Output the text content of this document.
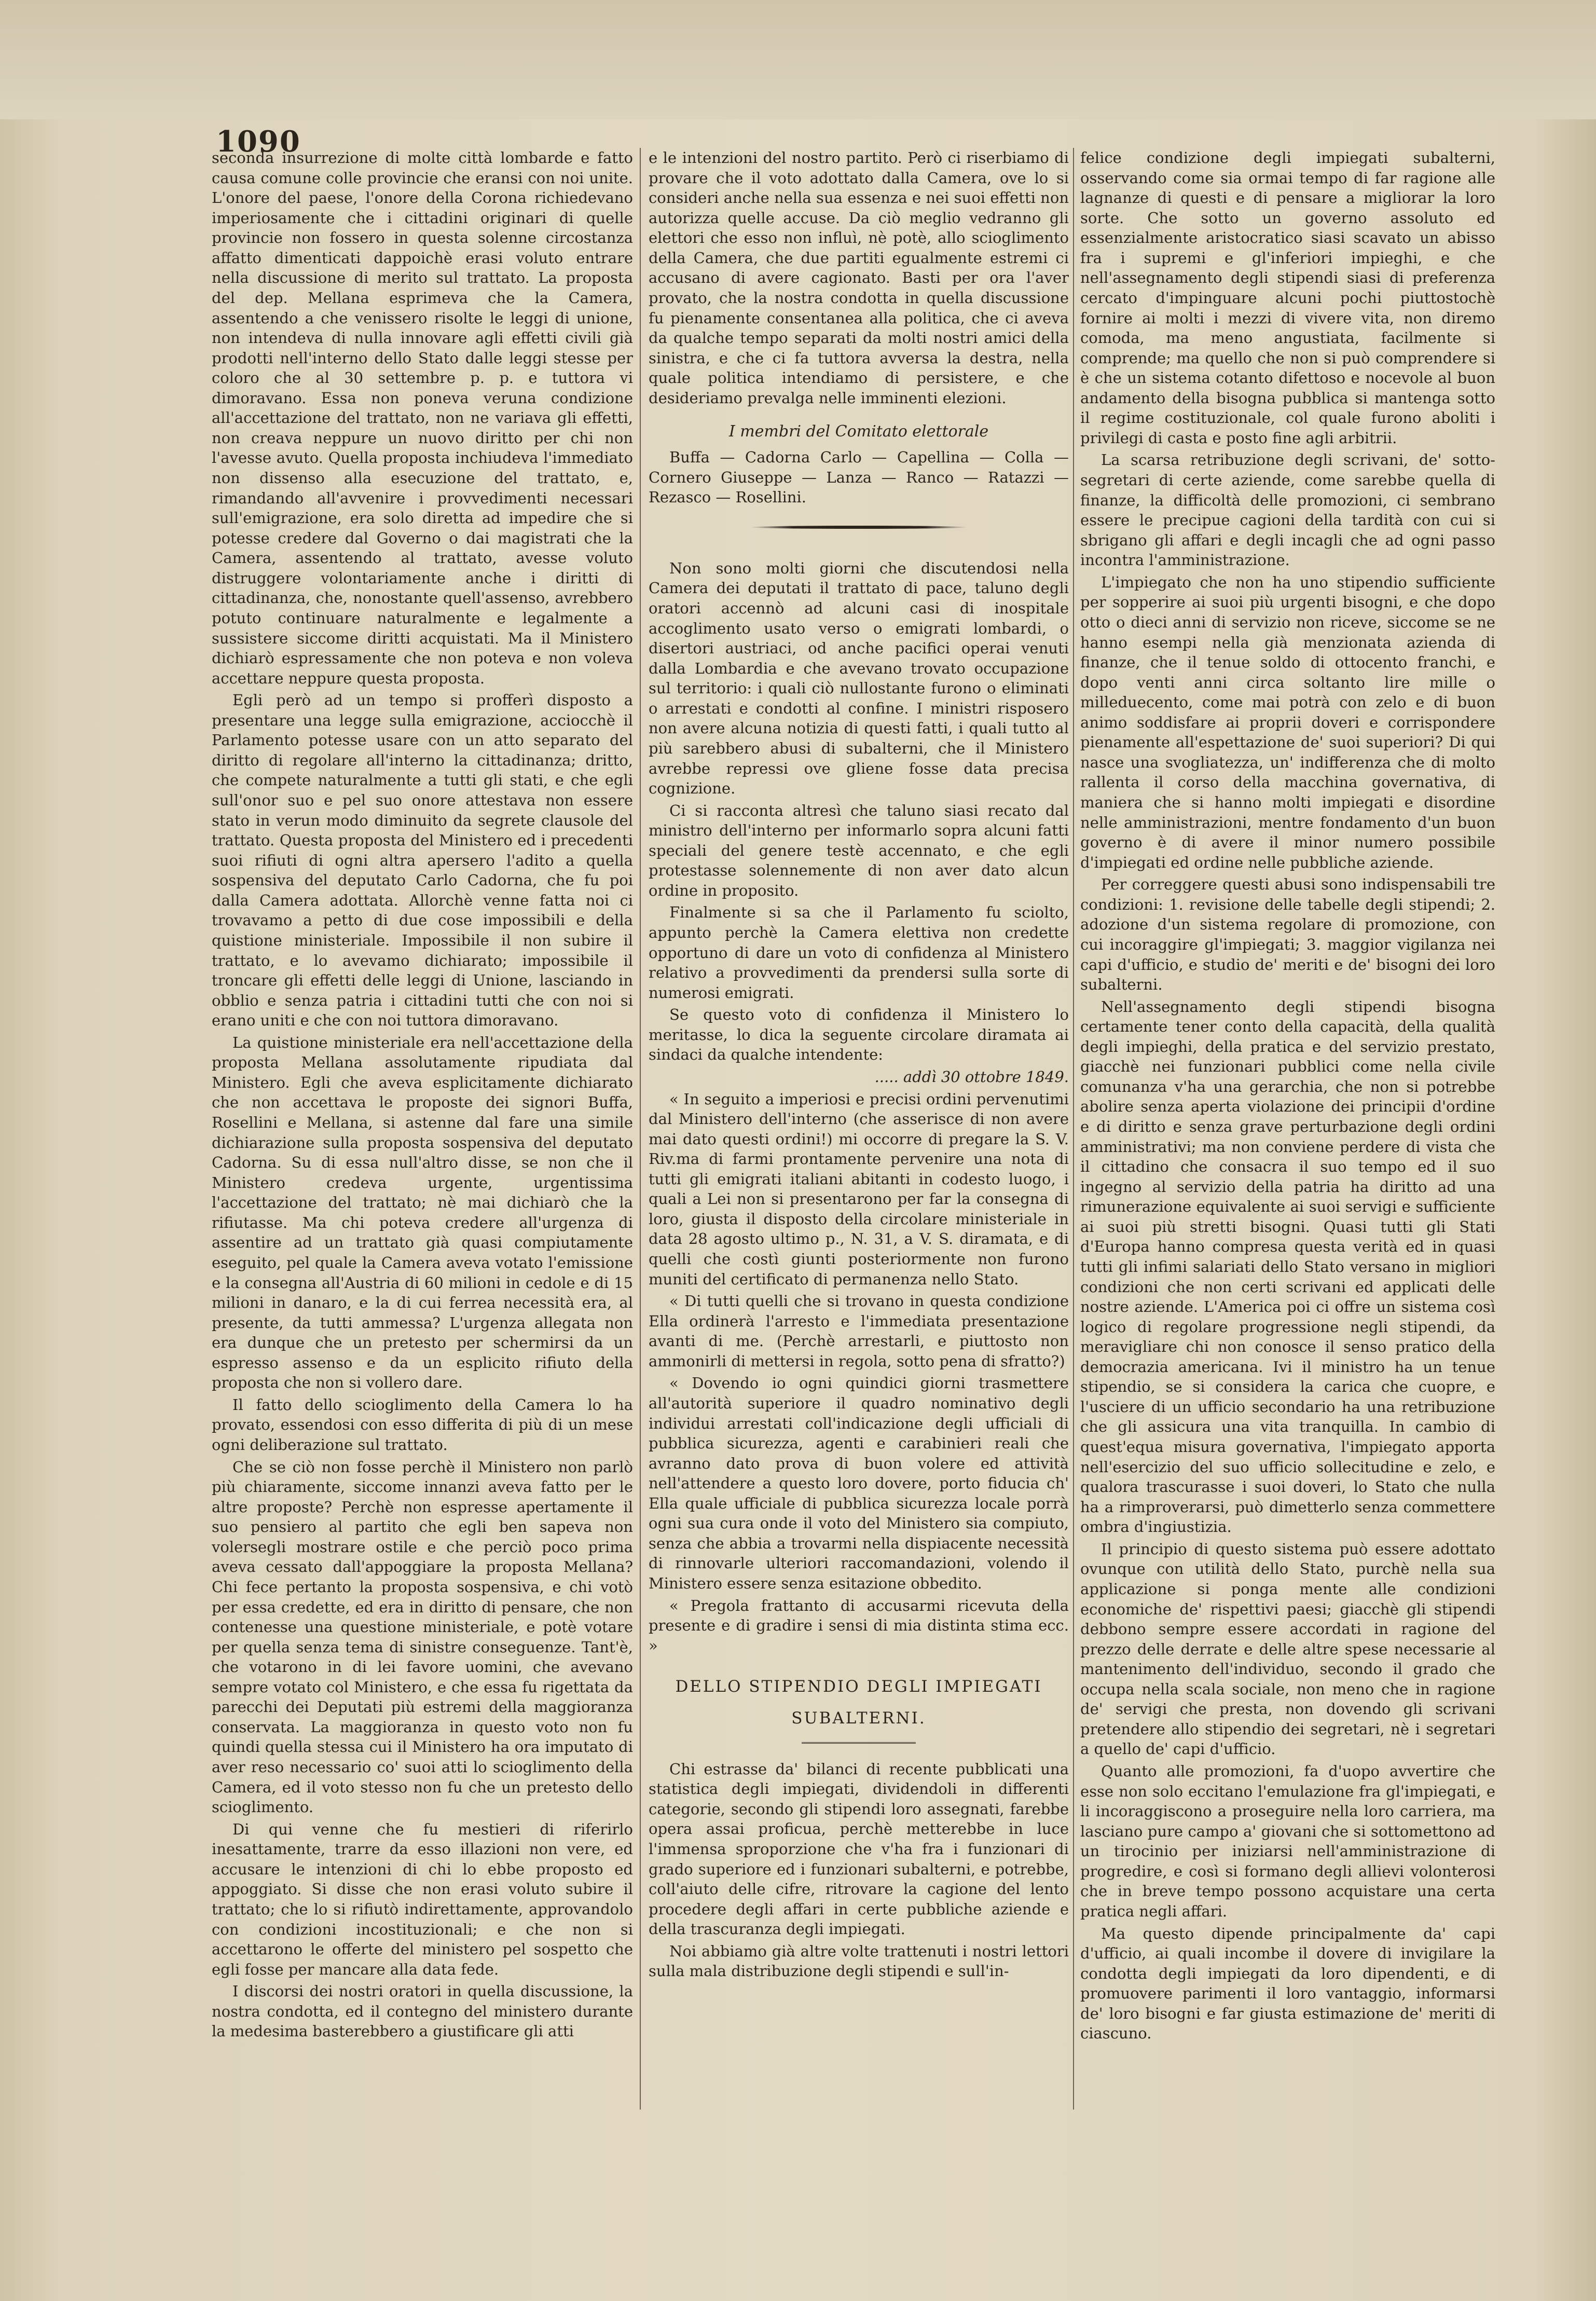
1090

seconda insurrezione di molte città lombarde e fatto causa comune colle provincie che eransi con noi unite. L'onore del paese, l'onore della Corona richiedevano imperiosamente che i cittadini originari di quelle provincie non fossero in questa solenne circostanza affatto dimenticati dappoichè erasi voluto entrare nella discussione di merito sul trattato. La proposta del dep. Mellana esprimeva che la Camera, assentendo a che venissero risolte le leggi di unione, non intendeva di nulla innovare agli effetti civili già prodotti nell'interno dello Stato dalle leggi stesse per coloro che al 30 settembre p. p. e tuttora vi dimoravano. Essa non poneva veruna condizione all'accettazione del trattato, non ne variava gli effetti, non creava neppure un nuovo diritto per chi non l'avesse avuto. Quella proposta inchiudeva l'immediato non dissenso alla esecuzione del trattato, e, rimandando all'avvenire i provvedimenti necessari sull'emigrazione, era solo diretta ad impedire che si potesse credere dal Governo o dai magistrati che la Camera, assentendo al trattato, avesse voluto distruggere volontariamente anche i diritti di cittadinanza, che, nonostante quell'assenso, avrebbero potuto continuare naturalmente e legalmente a sussistere siccome diritti acquistati. Ma il Ministero dichiarò espressamente che non poteva e non voleva accettare neppure questa proposta.

Egli però ad un tempo si profferì disposto a presentare una legge sulla emigrazione, acciocchè il Parlamento potesse usare con un atto separato del diritto di regolare all'interno la cittadinanza; dritto, che compete naturalmente a tutti gli stati, e che egli sull'onor suo e pel suo onore attestava non essere stato in verun modo diminuito da segrete clausole del trattato. Questa proposta del Ministero ed i precedenti suoi rifiuti di ogni altra apersero l'adito a quella sospensiva del deputato Carlo Cadorna, che fu poi dalla Camera adottata. Allorchè venne fatta noi ci trovavamo a petto di due cose impossibili e della quistione ministeriale. Impossibile il non subire il trattato, e lo avevamo dichiarato; impossibile il troncare gli effetti delle leggi di Unione, lasciando in obblio e senza patria i cittadini tutti che con noi si erano uniti e che con noi tuttora dimoravano.

La quistione ministeriale era nell'accettazione della proposta Mellana assolutamente ripudiata dal Ministero. Egli che aveva esplicitamente dichiarato che non accettava le proposte dei signori Buffa, Rosellini e Mellana, si astenne dal fare una simile dichiarazione sulla proposta sospensiva del deputato Cadorna. Su di essa null'altro disse, se non che il Ministero credeva urgente, urgentissima l'accettazione del trattato; nè mai dichiarò che la rifiutasse. Ma chi poteva credere all'urgenza di assentire ad un trattato già quasi compiutamente eseguito, pel quale la Camera aveva votato l'emissione e la consegna all'Austria di 60 milioni in cedole e di 15 milioni in danaro, e la di cui ferrea necessità era, al presente, da tutti ammessa? L'urgenza allegata non era dunque che un pretesto per schermirsi da un espresso assenso e da un esplicito rifiuto della proposta che non si vollero dare.

Il fatto dello scioglimento della Camera lo ha provato, essendosi con esso differita di più di un mese ogni deliberazione sul trattato.

Che se ciò non fosse perchè il Ministero non parlò più chiaramente, siccome innanzi aveva fatto per le altre proposte? Perchè non espresse apertamente il suo pensiero al partito che egli ben sapeva non volersegli mostrare ostile e che perciò poco prima aveva cessato dall'appoggiare la proposta Mellana? Chi fece pertanto la proposta sospensiva, e chi votò per essa credette, ed era in diritto di pensare, che non contenesse una questione ministeriale, e potè votare per quella senza tema di sinistre conseguenze. Tant'è, che votarono in di lei favore uomini, che avevano sempre votato col Ministero, e che essa fu rigettata da parecchi dei Deputati più estremi della maggioranza conservata. La maggioranza in questo voto non fu quindi quella stessa cui il Ministero ha ora imputato di aver reso necessario co' suoi atti lo scioglimento della Camera, ed il voto stesso non fu che un pretesto dello scioglimento.

Di qui venne che fu mestieri di riferirlo inesattamente, trarre da esso illazioni non vere, ed accusare le intenzioni di chi lo ebbe proposto ed appoggiato. Si disse che non erasi voluto subire il trattato; che lo si rifiutò indirettamente, approvandolo con condizioni incostituzionali; e che non si accettarono le offerte del ministero pel sospetto che egli fosse per mancare alla data fede.

I discorsi dei nostri oratori in quella discussione, la nostra condotta, ed il contegno del ministero durante la medesima basterebbero a giustificare gli atti

e le intenzioni del nostro partito. Però ci riserbiamo di provare che il voto adottato dalla Camera, ove lo si consideri anche nella sua essenza e nei suoi effetti non autorizza quelle accuse. Da ciò meglio vedranno gli elettori che esso non influì, nè potè, allo scioglimento della Camera, che due partiti egualmente estremi ci accusano di avere cagionato. Basti per ora l'aver provato, che la nostra condotta in quella discussione fu pienamente consentanea alla politica, che ci aveva da qualche tempo separati da molti nostri amici della sinistra, e che ci fa tuttora avversa la destra, nella quale politica intendiamo di persistere, e che desideriamo prevalga nelle imminenti elezioni.

I membri del Comitato elettorale

Buffa — Cadorna Carlo — Capellina — Colla — Cornero Giuseppe — Lanza — Ranco — Ratazzi — Rezasco — Rosellini.

Non sono molti giorni che discutendosi nella Camera dei deputati il trattato di pace, taluno degli oratori accennò ad alcuni casi di inospitale accoglimento usato verso o emigrati lombardi, o disertori austriaci, od anche pacifici operai venuti dalla Lombardia e che avevano trovato occupazione sul territorio: i quali ciò nullostante furono o eliminati o arrestati e condotti al confine. I ministri risposero non avere alcuna notizia di questi fatti, i quali tutto al più sarebbero abusi di subalterni, che il Ministero avrebbe repressi ove gliene fosse data precisa cognizione.

Ci si racconta altresì che taluno siasi recato dal ministro dell'interno per informarlo sopra alcuni fatti speciali del genere testè accennato, e che egli protestasse solennemente di non aver dato alcun ordine in proposito.

Finalmente si sa che il Parlamento fu sciolto, appunto perchè la Camera elettiva non credette opportuno di dare un voto di confidenza al Ministero relativo a provvedimenti da prendersi sulla sorte di numerosi emigrati.

Se questo voto di confidenza il Ministero lo meritasse, lo dica la seguente circolare diramata ai sindaci da qualche intendente:

..... addì 30 ottobre 1849.

« In seguito a imperiosi e precisi ordini pervenutimi dal Ministero dell'interno (che asserisce di non avere mai dato questi ordini!) mi occorre di pregare la S. V. Riv.ma di farmi prontamente pervenire una nota di tutti gli emigrati italiani abitanti in codesto luogo, i quali a Lei non si presentarono per far la consegna di loro, giusta il disposto della circolare ministeriale in data 28 agosto ultimo p., N. 31, a V. S. diramata, e di quelli che costì giunti posteriormente non furono muniti del certificato di permanenza nello Stato.

« Di tutti quelli che si trovano in questa condizione Ella ordinerà l'arresto e l'immediata presentazione avanti di me. (Perchè arrestarli, e piuttosto non ammonirli di mettersi in regola, sotto pena di sfratto?)

« Dovendo io ogni quindici giorni trasmettere all'autorità superiore il quadro nominativo degli individui arrestati coll'indicazione degli ufficiali di pubblica sicurezza, agenti e carabinieri reali che avranno dato prova di buon volere ed attività nell'attendere a questo loro dovere, porto fiducia ch' Ella quale ufficiale di pubblica sicurezza locale porrà ogni sua cura onde il voto del Ministero sia compiuto, senza che abbia a trovarmi nella dispiacente necessità di rinnovarle ulteriori raccomandazioni, volendo il Ministero essere senza esitazione obbedito.

« Pregola frattanto di accusarmi ricevuta della presente e di gradire i sensi di mia distinta stima ecc. »

DELLO STIPENDIO DEGLI IMPIEGATI
SUBALTERNI.

Chi estrasse da' bilanci di recente pubblicati una statistica degli impiegati, dividendoli in differenti categorie, secondo gli stipendi loro assegnati, farebbe opera assai proficua, perchè metterebbe in luce l'immensa sproporzione che v'ha fra i funzionari di grado superiore ed i funzionari subalterni, e potrebbe, coll'aiuto delle cifre, ritrovare la cagione del lento procedere degli affari in certe pubbliche aziende e della trascuranza degli impiegati.

Noi abbiamo già altre volte trattenuti i nostri lettori sulla mala distribuzione degli stipendi e sull'in-

felice condizione degli impiegati subalterni, osservando come sia ormai tempo di far ragione alle lagnanze di questi e di pensare a migliorar la loro sorte. Che sotto un governo assoluto ed essenzialmente aristocratico siasi scavato un abisso fra i supremi e gl'inferiori impieghi, e che nell'assegnamento degli stipendi siasi di preferenza cercato d'impinguare alcuni pochi piuttostochè fornire ai molti i mezzi di vivere vita, non diremo comoda, ma meno angustiata, facilmente si comprende; ma quello che non si può comprendere si è che un sistema cotanto difettoso e nocevole al buon andamento della bisogna pubblica si mantenga sotto il regime costituzionale, col quale furono aboliti i privilegi di casta e posto fine agli arbitrii.

La scarsa retribuzione degli scrivani, de' sotto-segretari di certe aziende, come sarebbe quella di finanze, la difficoltà delle promozioni, ci sembrano essere le precipue cagioni della tardità con cui si sbrigano gli affari e degli incagli che ad ogni passo incontra l'amministrazione.

L'impiegato che non ha uno stipendio sufficiente per sopperire ai suoi più urgenti bisogni, e che dopo otto o dieci anni di servizio non riceve, siccome se ne hanno esempi nella già menzionata azienda di finanze, che il tenue soldo di ottocento franchi, e dopo venti anni circa soltanto lire mille o milleduecento, come mai potrà con zelo e di buon animo soddisfare ai proprii doveri e corrispondere pienamente all'espettazione de' suoi superiori? Di qui nasce una svogliatezza, un' indifferenza che di molto rallenta il corso della macchina governativa, di maniera che si hanno molti impiegati e disordine nelle amministrazioni, mentre fondamento d'un buon governo è di avere il minor numero possibile d'impiegati ed ordine nelle pubbliche aziende.

Per correggere questi abusi sono indispensabili tre condizioni: 1. revisione delle tabelle degli stipendi; 2. adozione d'un sistema regolare di promozione, con cui incoraggire gl'impiegati; 3. maggior vigilanza nei capi d'ufficio, e studio de' meriti e de' bisogni dei loro subalterni.

Nell'assegnamento degli stipendi bisogna certamente tener conto della capacità, della qualità degli impieghi, della pratica e del servizio prestato, giacchè nei funzionari pubblici come nella civile comunanza v'ha una gerarchia, che non si potrebbe abolire senza aperta violazione dei principii d'ordine e di diritto e senza grave perturbazione degli ordini amministrativi; ma non conviene perdere di vista che il cittadino che consacra il suo tempo ed il suo ingegno al servizio della patria ha diritto ad una rimunerazione equivalente ai suoi servigi e sufficiente ai suoi più stretti bisogni. Quasi tutti gli Stati d'Europa hanno compresa questa verità ed in quasi tutti gli infimi salariati dello Stato versano in migliori condizioni che non certi scrivani ed applicati delle nostre aziende. L'America poi ci offre un sistema così logico di regolare progressione negli stipendi, da meravigliare chi non conosce il senso pratico della democrazia americana. Ivi il ministro ha un tenue stipendio, se si considera la carica che cuopre, e l'usciere di un ufficio secondario ha una retribuzione che gli assicura una vita tranquilla. In cambio di quest'equa misura governativa, l'impiegato apporta nell'esercizio del suo ufficio sollecitudine e zelo, e qualora trascurasse i suoi doveri, lo Stato che nulla ha a rimproverarsi, può dimetterlo senza commettere ombra d'ingiustizia.

Il principio di questo sistema può essere adottato ovunque con utilità dello Stato, purchè nella sua applicazione si ponga mente alle condizioni economiche de' rispettivi paesi; giacchè gli stipendi debbono sempre essere accordati in ragione del prezzo delle derrate e delle altre spese necessarie al mantenimento dell'individuo, secondo il grado che occupa nella scala sociale, non meno che in ragione de' servigi che presta, non dovendo gli scrivani pretendere allo stipendio dei segretari, nè i segretari a quello de' capi d'ufficio.

Quanto alle promozioni, fa d'uopo avvertire che esse non solo eccitano l'emulazione fra gl'impiegati, e li incoraggiscono a proseguire nella loro carriera, ma lasciano pure campo a' giovani che si sottomettono ad un tirocinio per iniziarsi nell'amministrazione di progredire, e così si formano degli allievi volonterosi che in breve tempo possono acquistare una certa pratica negli affari.

Ma questo dipende principalmente da' capi d'ufficio, ai quali incombe il dovere di invigilare la condotta degli impiegati da loro dipendenti, e di promuovere parimenti il loro vantaggio, informarsi de' loro bisogni e far giusta estimazione de' meriti di ciascuno.
